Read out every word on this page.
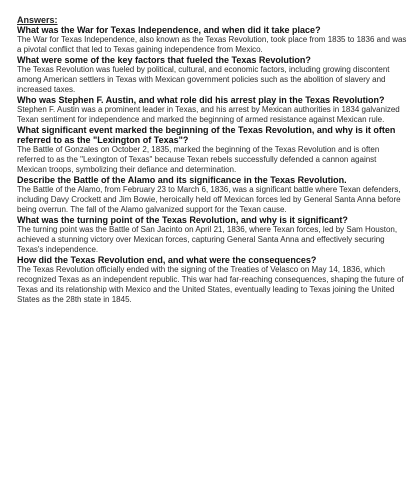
Answers:

What was the War for Texas Independence, and when did it take place?

The War for Texas Independence, also known as the Texas Revolution, took place from 1835 to 1836 and was a pivotal conflict that led to Texas gaining independence from Mexico.

What were some of the key factors that fueled the Texas Revolution?

The Texas Revolution was fueled by political, cultural, and economic factors, including growing discontent among American settlers in Texas with Mexican government policies such as the abolition of slavery and increased taxes.

Who was Stephen F. Austin, and what role did his arrest play in the Texas Revolution?

Stephen F. Austin was a prominent leader in Texas, and his arrest by Mexican authorities in 1834 galvanized Texan sentiment for independence and marked the beginning of armed resistance against Mexican rule.

What significant event marked the beginning of the Texas Revolution, and why is it often referred to as the "Lexington of Texas"?

The Battle of Gonzales on October 2, 1835, marked the beginning of the Texas Revolution and is often referred to as the "Lexington of Texas" because Texan rebels successfully defended a cannon against Mexican troops, symbolizing their defiance and determination.

Describe the Battle of the Alamo and its significance in the Texas Revolution.

The Battle of the Alamo, from February 23 to March 6, 1836, was a significant battle where Texan defenders, including Davy Crockett and Jim Bowie, heroically held off Mexican forces led by General Santa Anna before being overrun. The fall of the Alamo galvanized support for the Texan cause.

What was the turning point of the Texas Revolution, and why is it significant?

The turning point was the Battle of San Jacinto on April 21, 1836, where Texan forces, led by Sam Houston, achieved a stunning victory over Mexican forces, capturing General Santa Anna and effectively securing Texas's independence.

How did the Texas Revolution end, and what were the consequences?

The Texas Revolution officially ended with the signing of the Treaties of Velasco on May 14, 1836, which recognized Texas as an independent republic. This war had far-reaching consequences, shaping the future of Texas and its relationship with Mexico and the United States, eventually leading to Texas joining the United States as the 28th state in 1845.
